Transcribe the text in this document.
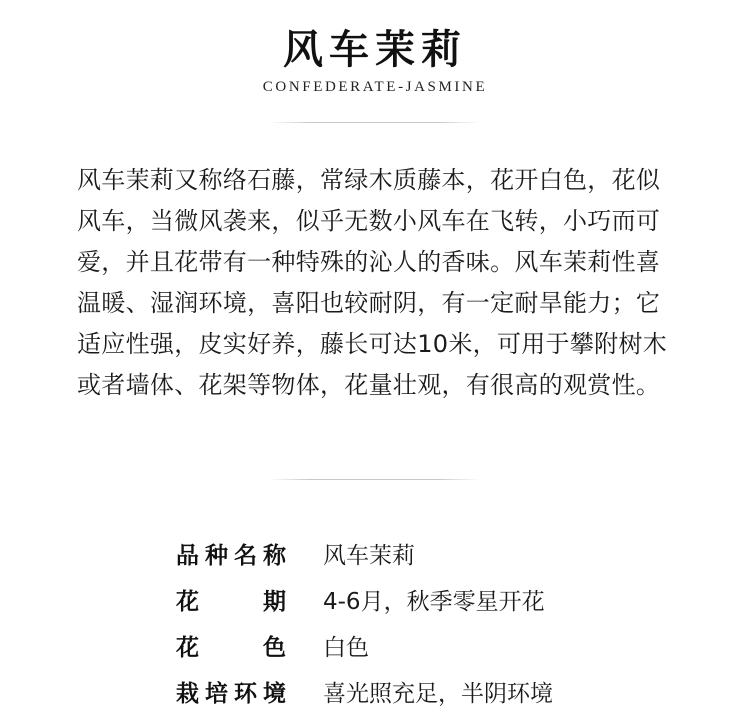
风车茉莉
CONFEDERATE-JASMINE
风车茉莉又称络石藤，常绿木质藤本，花开白色，花似风车，当微风袭来，似乎无数小风车在飞转，小巧而可爱，并且花带有一种特殊的沁人的香味。风车茉莉性喜温暖、湿润环境，喜阳也较耐阴，有一定耐旱能力；它适应性强，皮实好养，藤长可达10米，可用于攀附树木或者墙体、花架等物体，花量壮观，有很高的观赏性。
品种名称 风车茉莉
花期 4-6月，秋季零星开花
花色 白色
栽培环境 喜光照充足，半阴环境
